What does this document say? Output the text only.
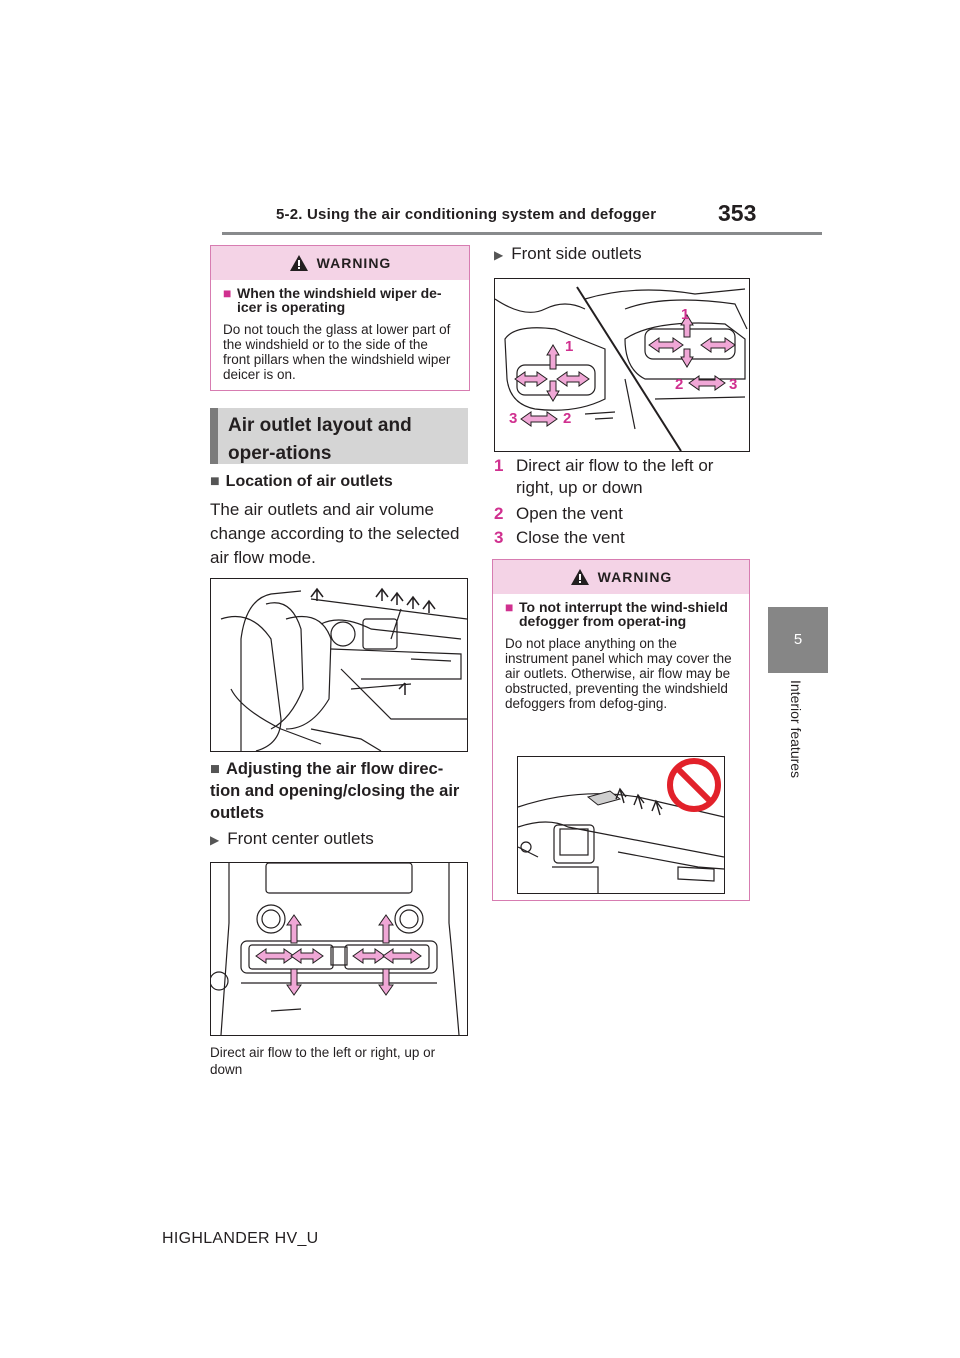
5-2. Using the air conditioning system and defogger	353
5
Interior features
WARNING
■ When the windshield wiper de-icer is operating
Do not touch the glass at lower part of the windshield or to the side of the front pillars when the windshield wiper deicer is on.
Air outlet layout and oper-ations
■ Location of air outlets
The air outlets and air volume change according to the selected air flow mode.
■ Adjusting the air flow direc-tion and opening/closing the air outlets
▶ Front center outlets
Direct air flow to the left or right, up or down
▶ Front side outlets
1
3	2
1
2	3
1 Direct air flow to the left or right, up or down
2 Open the vent
3 Close the vent
WARNING
■ To not interrupt the wind-shield defogger from operat-ing
Do not place anything on the instrument panel which may cover the air outlets. Otherwise, air flow may be obstructed, preventing the windshield defoggers from defog-ging.
HIGHLANDER HV_U
